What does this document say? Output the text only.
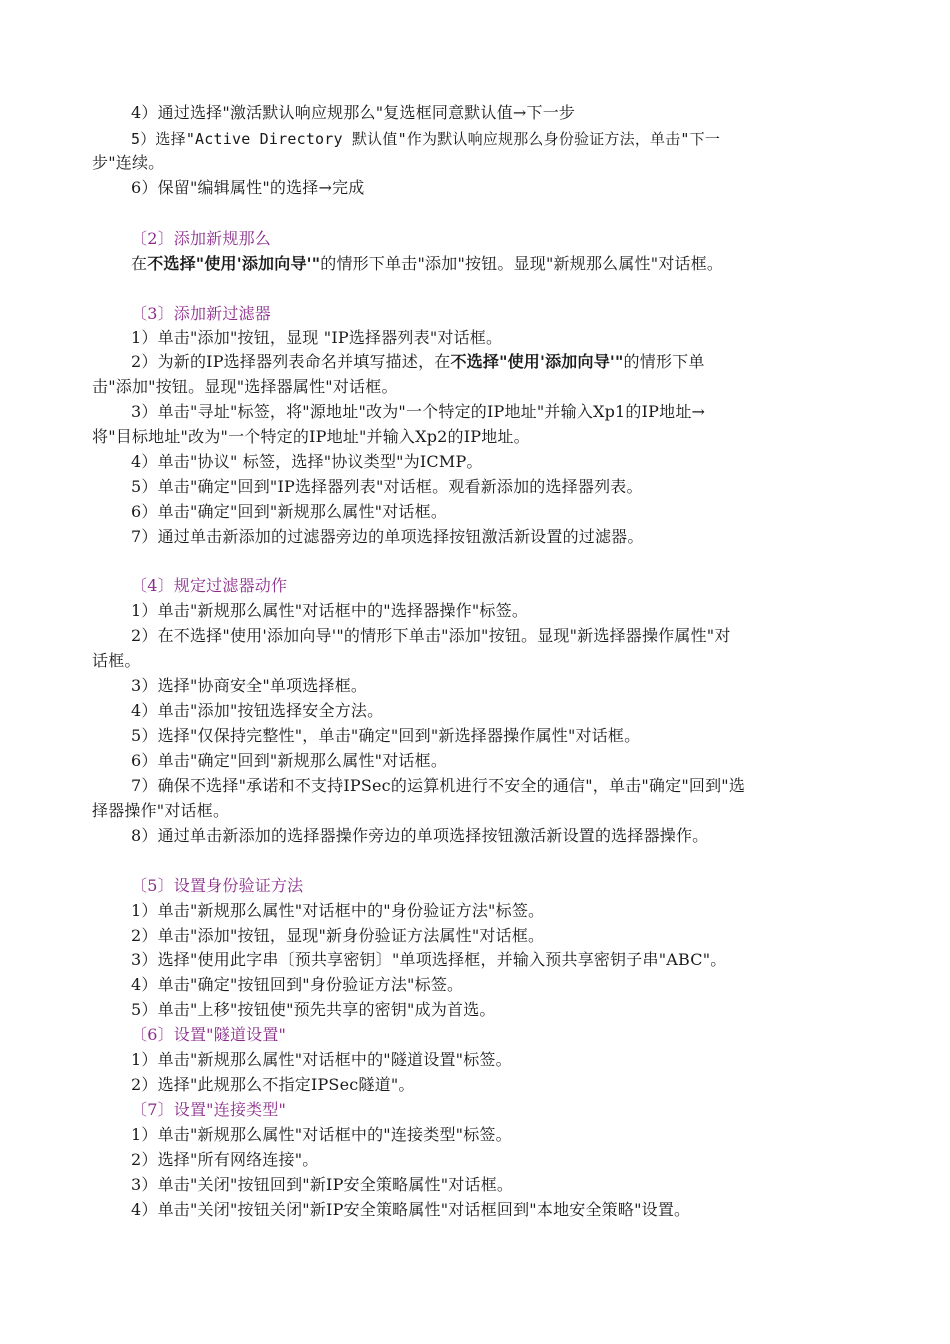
4）通过选择"激活默认响应规那么"复选框同意默认值→下一步
5）选择"Active Directory 默认值"作为默认响应规那么身份验证方法，单击"下一
步"连续。
6）保留"编辑属性"的选择→完成
〔2〕添加新规那么
在不选择"使用'添加向导'"的情形下单击"添加"按钮。显现"新规那么属性"对话框。
〔3〕添加新过滤器
1）单击"添加"按钮，显现 "IP选择器列表"对话框。
2）为新的IP选择器列表命名并填写描述，在不选择"使用'添加向导'"的情形下单
击"添加"按钮。显现"选择器属性"对话框。
3）单击"寻址"标签，将"源地址"改为"一个特定的IP地址"并输入Xp1的IP地址→
将"目标地址"改为"一个特定的IP地址"并输入Xp2的IP地址。
4）单击"协议" 标签，选择"协议类型"为ICMP。
5）单击"确定"回到"IP选择器列表"对话框。观看新添加的选择器列表。
6）单击"确定"回到"新规那么属性"对话框。
7）通过单击新添加的过滤器旁边的单项选择按钮激活新设置的过滤器。
〔4〕规定过滤器动作
1）单击"新规那么属性"对话框中的"选择器操作"标签。
2）在不选择"使用'添加向导'"的情形下单击"添加"按钮。显现"新选择器操作属性"对
话框。
3）选择"协商安全"单项选择框。
4）单击"添加"按钮选择安全方法。
5）选择"仅保持完整性"，单击"确定"回到"新选择器操作属性"对话框。
6）单击"确定"回到"新规那么属性"对话框。
7）确保不选择"承诺和不支持IPSec的运算机进行不安全的通信"，单击"确定"回到"选
择器操作"对话框。
8）通过单击新添加的选择器操作旁边的单项选择按钮激活新设置的选择器操作。
〔5〕设置身份验证方法
1）单击"新规那么属性"对话框中的"身份验证方法"标签。
2）单击"添加"按钮，显现"新身份验证方法属性"对话框。
3）选择"使用此字串〔预共享密钥〕"单项选择框，并输入预共享密钥子串"ABC"。
4）单击"确定"按钮回到"身份验证方法"标签。
5）单击"上移"按钮使"预先共享的密钥"成为首选。
〔6〕设置"隧道设置"
1）单击"新规那么属性"对话框中的"隧道设置"标签。
2）选择"此规那么不指定IPSec隧道"。
〔7〕设置"连接类型"
1）单击"新规那么属性"对话框中的"连接类型"标签。
2）选择"所有网络连接"。
3）单击"关闭"按钮回到"新IP安全策略属性"对话框。
4）单击"关闭"按钮关闭"新IP安全策略属性"对话框回到"本地安全策略"设置。
